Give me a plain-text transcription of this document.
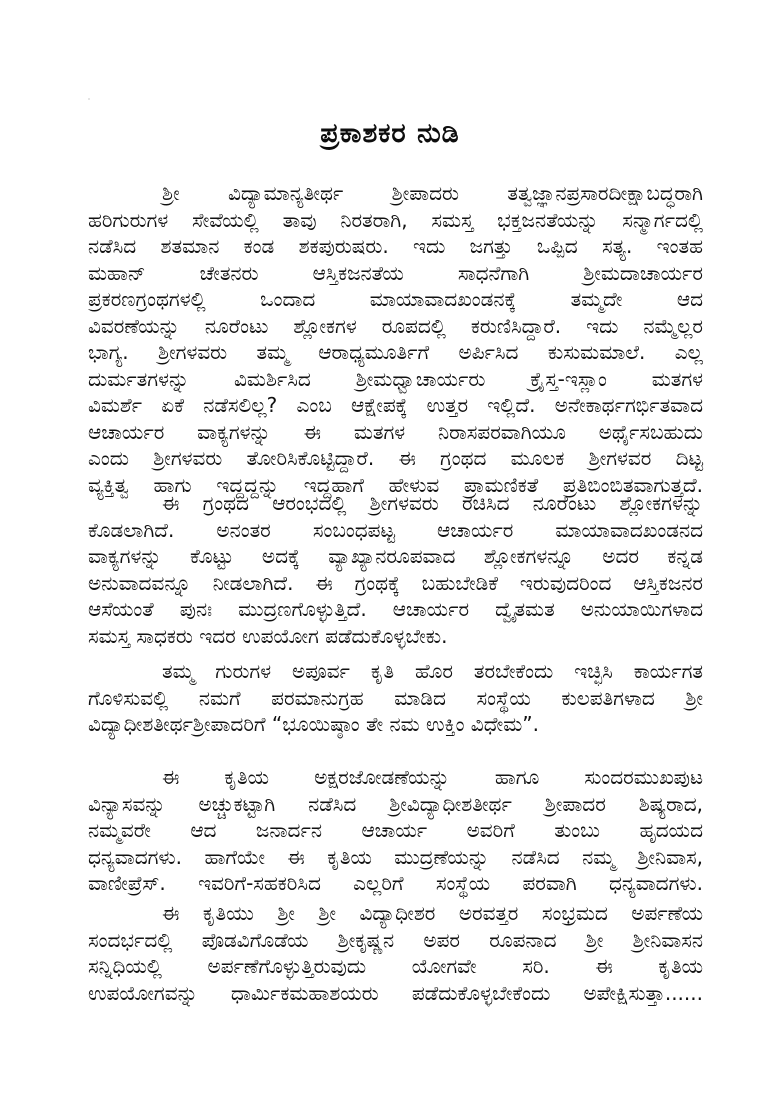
ಪ್ರಕಾಶಕರ ನುಡಿ
ಶ್ರೀ ವಿದ್ಯಾಮಾನ್ಯತೀರ್ಥ ಶ್ರೀಪಾದರು ತತ್ವಜ್ಞಾನಪ್ರಸಾರದೀಕ್ಷಾಬದ್ಧರಾಗಿ
ಹರಿಗುರುಗಳ ಸೇವೆಯಲ್ಲಿ ತಾವು ನಿರತರಾಗಿ, ಸಮಸ್ತ ಭಕ್ತಜನತೆಯನ್ನು ಸನ್ಮಾರ್ಗದಲ್ಲಿ
ನಡೆಸಿದ ಶತಮಾನ ಕಂಡ ಶಕಪುರುಷರು. ಇದು ಜಗತ್ತು ಒಪ್ಪಿದ ಸತ್ಯ. ಇಂತಹ
ಮಹಾನ್ ಚೇತನರು ಆಸ್ತಿಕಜನತೆಯ ಸಾಧನೆಗಾಗಿ ಶ್ರೀಮದಾಚಾರ್ಯರ
ಪ್ರಕರಣಗ್ರಂಥಗಳಲ್ಲಿ ಒಂದಾದ ಮಾಯಾವಾದಖಂಡನಕ್ಕೆ ತಮ್ಮದೇ ಆದ
ವಿವರಣೆಯನ್ನು ನೂರೆಂಟು ಶ್ಲೋಕಗಳ ರೂಪದಲ್ಲಿ ಕರುಣಿಸಿದ್ದಾರೆ. ಇದು ನಮ್ಮೆಲ್ಲರ
ಭಾಗ್ಯ. ಶ್ರೀಗಳವರು ತಮ್ಮ ಆರಾಧ್ಯಮೂರ್ತಿಗೆ ಅರ್ಪಿಸಿದ ಕುಸುಮಮಾಲೆ. ಎಲ್ಲ
ದುರ್ಮತಗಳನ್ನು ವಿಮರ್ಶಿಸಿದ ಶ್ರೀಮಧ್ವಾಚಾರ್ಯರು ಕ್ರೈಸ್ತ-ಇಸ್ಲಾಂ ಮತಗಳ
ವಿಮರ್ಶೆ ಏಕೆ ನಡೆಸಲಿಲ್ಲ? ಎಂಬ ಆಕ್ಷೇಪಕ್ಕೆ ಉತ್ತರ ಇಲ್ಲಿದೆ. ಅನೇಕಾರ್ಥಗರ್ಭಿತವಾದ
ಆಚಾರ್ಯರ ವಾಕ್ಯಗಳನ್ನು ಈ ಮತಗಳ ನಿರಾಸಪರವಾಗಿಯೂ ಅರ್ಥೈಸಬಹುದು
ಎಂದು ಶ್ರೀಗಳವರು ತೋರಿಸಿಕೊಟ್ಟಿದ್ದಾರೆ. ಈ ಗ್ರಂಥದ ಮೂಲಕ ಶ್ರೀಗಳವರ ದಿಟ್ಟ
ವ್ಯಕ್ತಿತ್ವ ಹಾಗು ಇದ್ದದ್ದನ್ನು ಇದ್ದಹಾಗೆ ಹೇಳುವ ಪ್ರಾಮಣಿಕತೆ ಪ್ರತಿಬಿಂಬಿತವಾಗುತ್ತದೆ.
ಈ ಗ್ರಂಥದ ಆರಂಭದಲ್ಲಿ ಶ್ರೀಗಳವರು ರಚಿಸಿದ ನೂರೆಂಟು ಶ್ಲೋಕಗಳನ್ನು
ಕೊಡಲಾಗಿದೆ. ಅನಂತರ ಸಂಬಂಧಪಟ್ಟ ಆಚಾರ್ಯರ ಮಾಯಾವಾದಖಂಡನದ
ವಾಕ್ಯಗಳನ್ನು ಕೊಟ್ಟು ಅದಕ್ಕೆ ವ್ಯಾಖ್ಯಾನರೂಪವಾದ ಶ್ಲೋಕಗಳನ್ನೂ ಅದರ ಕನ್ನಡ
ಅನುವಾದವನ್ನೂ ನೀಡಲಾಗಿದೆ. ಈ ಗ್ರಂಥಕ್ಕೆ ಬಹುಬೇಡಿಕೆ ಇರುವುದರಿಂದ ಆಸ್ತಿಕಜನರ
ಆಸೆಯಂತೆ ಪುನಃ ಮುದ್ರಣಗೊಳ್ಳುತ್ತಿದೆ. ಆಚಾರ್ಯರ ದ್ವೈತಮತ ಅನುಯಾಯಿಗಳಾದ
ಸಮಸ್ತ ಸಾಧಕರು ಇದರ ಉಪಯೋಗ ಪಡೆದುಕೊಳ್ಳಬೇಕು.
ತಮ್ಮ ಗುರುಗಳ ಅಪೂರ್ವ ಕೃತಿ ಹೊರ ತರಬೇಕೆಂದು ಇಚ್ಛಿಸಿ ಕಾರ್ಯಗತ
ಗೊಳಿಸುವಲ್ಲಿ ನಮಗೆ ಪರಮಾನುಗ್ರಹ ಮಾಡಿದ ಸಂಸ್ಥೆಯ ಕುಲಪತಿಗಳಾದ ಶ್ರೀ
ವಿದ್ಯಾಧೀಶತೀರ್ಥಶ್ರೀಪಾದರಿಗೆ “ಭೂಯಿಷ್ಠಾಂ ತೇ ನಮ ಉಕ್ತಿಂ ವಿಧೇಮ”.
ಈ ಕೃತಿಯ ಅಕ್ಷರಜೋಡಣೆಯನ್ನು ಹಾಗೂ ಸುಂದರಮುಖಪುಟ
ವಿನ್ಯಾಸವನ್ನು ಅಚ್ಚುಕಟ್ಟಾಗಿ ನಡೆಸಿದ ಶ್ರೀವಿದ್ಯಾಧೀಶತೀರ್ಥ ಶ್ರೀಪಾದರ ಶಿಷ್ಯರಾದ,
ನಮ್ಮವರೇ ಆದ ಜನಾರ್ದನ ಆಚಾರ್ಯ ಅವರಿಗೆ ತುಂಬು ಹೃದಯದ
ಧನ್ಯವಾದಗಳು. ಹಾಗೆಯೇ ಈ ಕೃತಿಯ ಮುದ್ರಣೆಯನ್ನು ನಡೆಸಿದ ನಮ್ಮ ಶ್ರೀನಿವಾಸ,
ವಾಣೀಪ್ರೆಸ್. ಇವರಿಗೆ-ಸಹಕರಿಸಿದ ಎಲ್ಲರಿಗೆ ಸಂಸ್ಥೆಯ ಪರವಾಗಿ ಧನ್ಯವಾದಗಳು.
ಈ ಕೃತಿಯು ಶ್ರೀ ಶ್ರೀ ವಿದ್ಯಾಧೀಶರ ಅರವತ್ತರ ಸಂಭ್ರಮದ ಅರ್ಪಣೆಯ
ಸಂದರ್ಭದಲ್ಲಿ ಪೊಡವಿಗೊಡೆಯ ಶ್ರೀಕೃಷ್ಣನ ಅಪರ ರೂಪನಾದ ಶ್ರೀ ಶ್ರೀನಿವಾಸನ
ಸನ್ನಿಧಿಯಲ್ಲಿ ಅರ್ಪಣೆಗೊಳ್ಳುತ್ತಿರುವುದು ಯೋಗವೇ ಸರಿ. ಈ ಕೃತಿಯ
ಉಪಯೋಗವನ್ನು ಧಾರ್ಮಿಕಮಹಾಶಯರು ಪಡೆದುಕೊಳ್ಳಬೇಕೆಂದು ಅಪೇಕ್ಷಿಸುತ್ತಾ......
